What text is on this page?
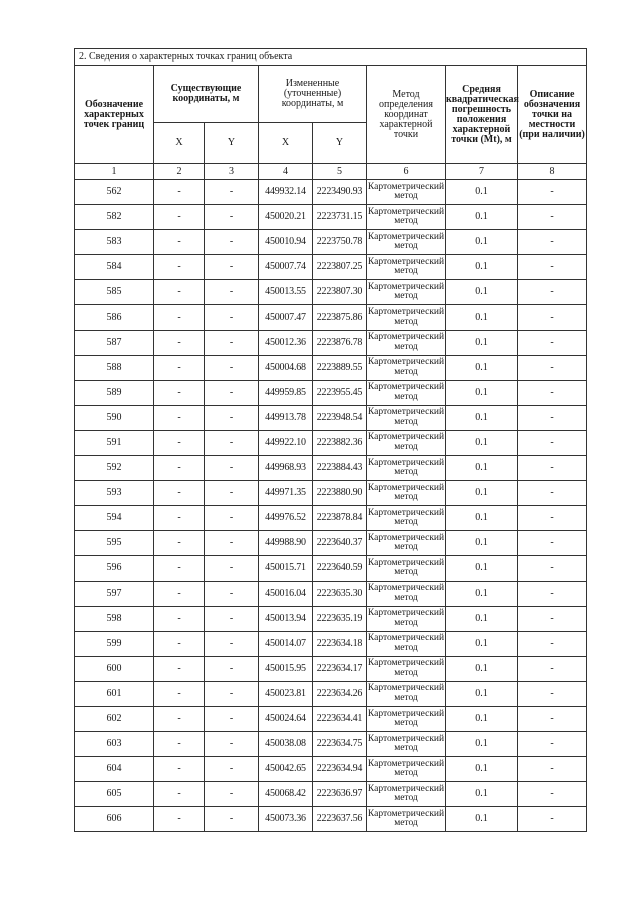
2. Сведения о характерных точках границ объекта							
Обозначение характерных точек границ	Существующие координаты, м		Измененные (уточненные) координаты, м		Метод определения координат характерной точки	Средняя квадратическая погрешность положения характерной точки (Mt), м	Описание обозначения точки на местности (при наличии)
	X	Y	X	Y			
1	2	3	4	5	6	7	8
562	-	-	449932.14	2223490.93	Картометрический метод	0.1	-
582	-	-	450020.21	2223731.15	Картометрический метод	0.1	-
583	-	-	450010.94	2223750.78	Картометрический метод	0.1	-
584	-	-	450007.74	2223807.25	Картометрический метод	0.1	-
585	-	-	450013.55	2223807.30	Картометрический метод	0.1	-
586	-	-	450007.47	2223875.86	Картометрический метод	0.1	-
587	-	-	450012.36	2223876.78	Картометрический метод	0.1	-
588	-	-	450004.68	2223889.55	Картометрический метод	0.1	-
589	-	-	449959.85	2223955.45	Картометрический метод	0.1	-
590	-	-	449913.78	2223948.54	Картометрический метод	0.1	-
591	-	-	449922.10	2223882.36	Картометрический метод	0.1	-
592	-	-	449968.93	2223884.43	Картометрический метод	0.1	-
593	-	-	449971.35	2223880.90	Картометрический метод	0.1	-
594	-	-	449976.52	2223878.84	Картометрический метод	0.1	-
595	-	-	449988.90	2223640.37	Картометрический метод	0.1	-
596	-	-	450015.71	2223640.59	Картометрический метод	0.1	-
597	-	-	450016.04	2223635.30	Картометрический метод	0.1	-
598	-	-	450013.94	2223635.19	Картометрический метод	0.1	-
599	-	-	450014.07	2223634.18	Картометрический метод	0.1	-
600	-	-	450015.95	2223634.17	Картометрический метод	0.1	-
601	-	-	450023.81	2223634.26	Картометрический метод	0.1	-
602	-	-	450024.64	2223634.41	Картометрический метод	0.1	-
603	-	-	450038.08	2223634.75	Картометрический метод	0.1	-
604	-	-	450042.65	2223634.94	Картометрический метод	0.1	-
605	-	-	450068.42	2223636.97	Картометрический метод	0.1	-
606	-	-	450073.36	2223637.56	Картометрический метод	0.1	-
